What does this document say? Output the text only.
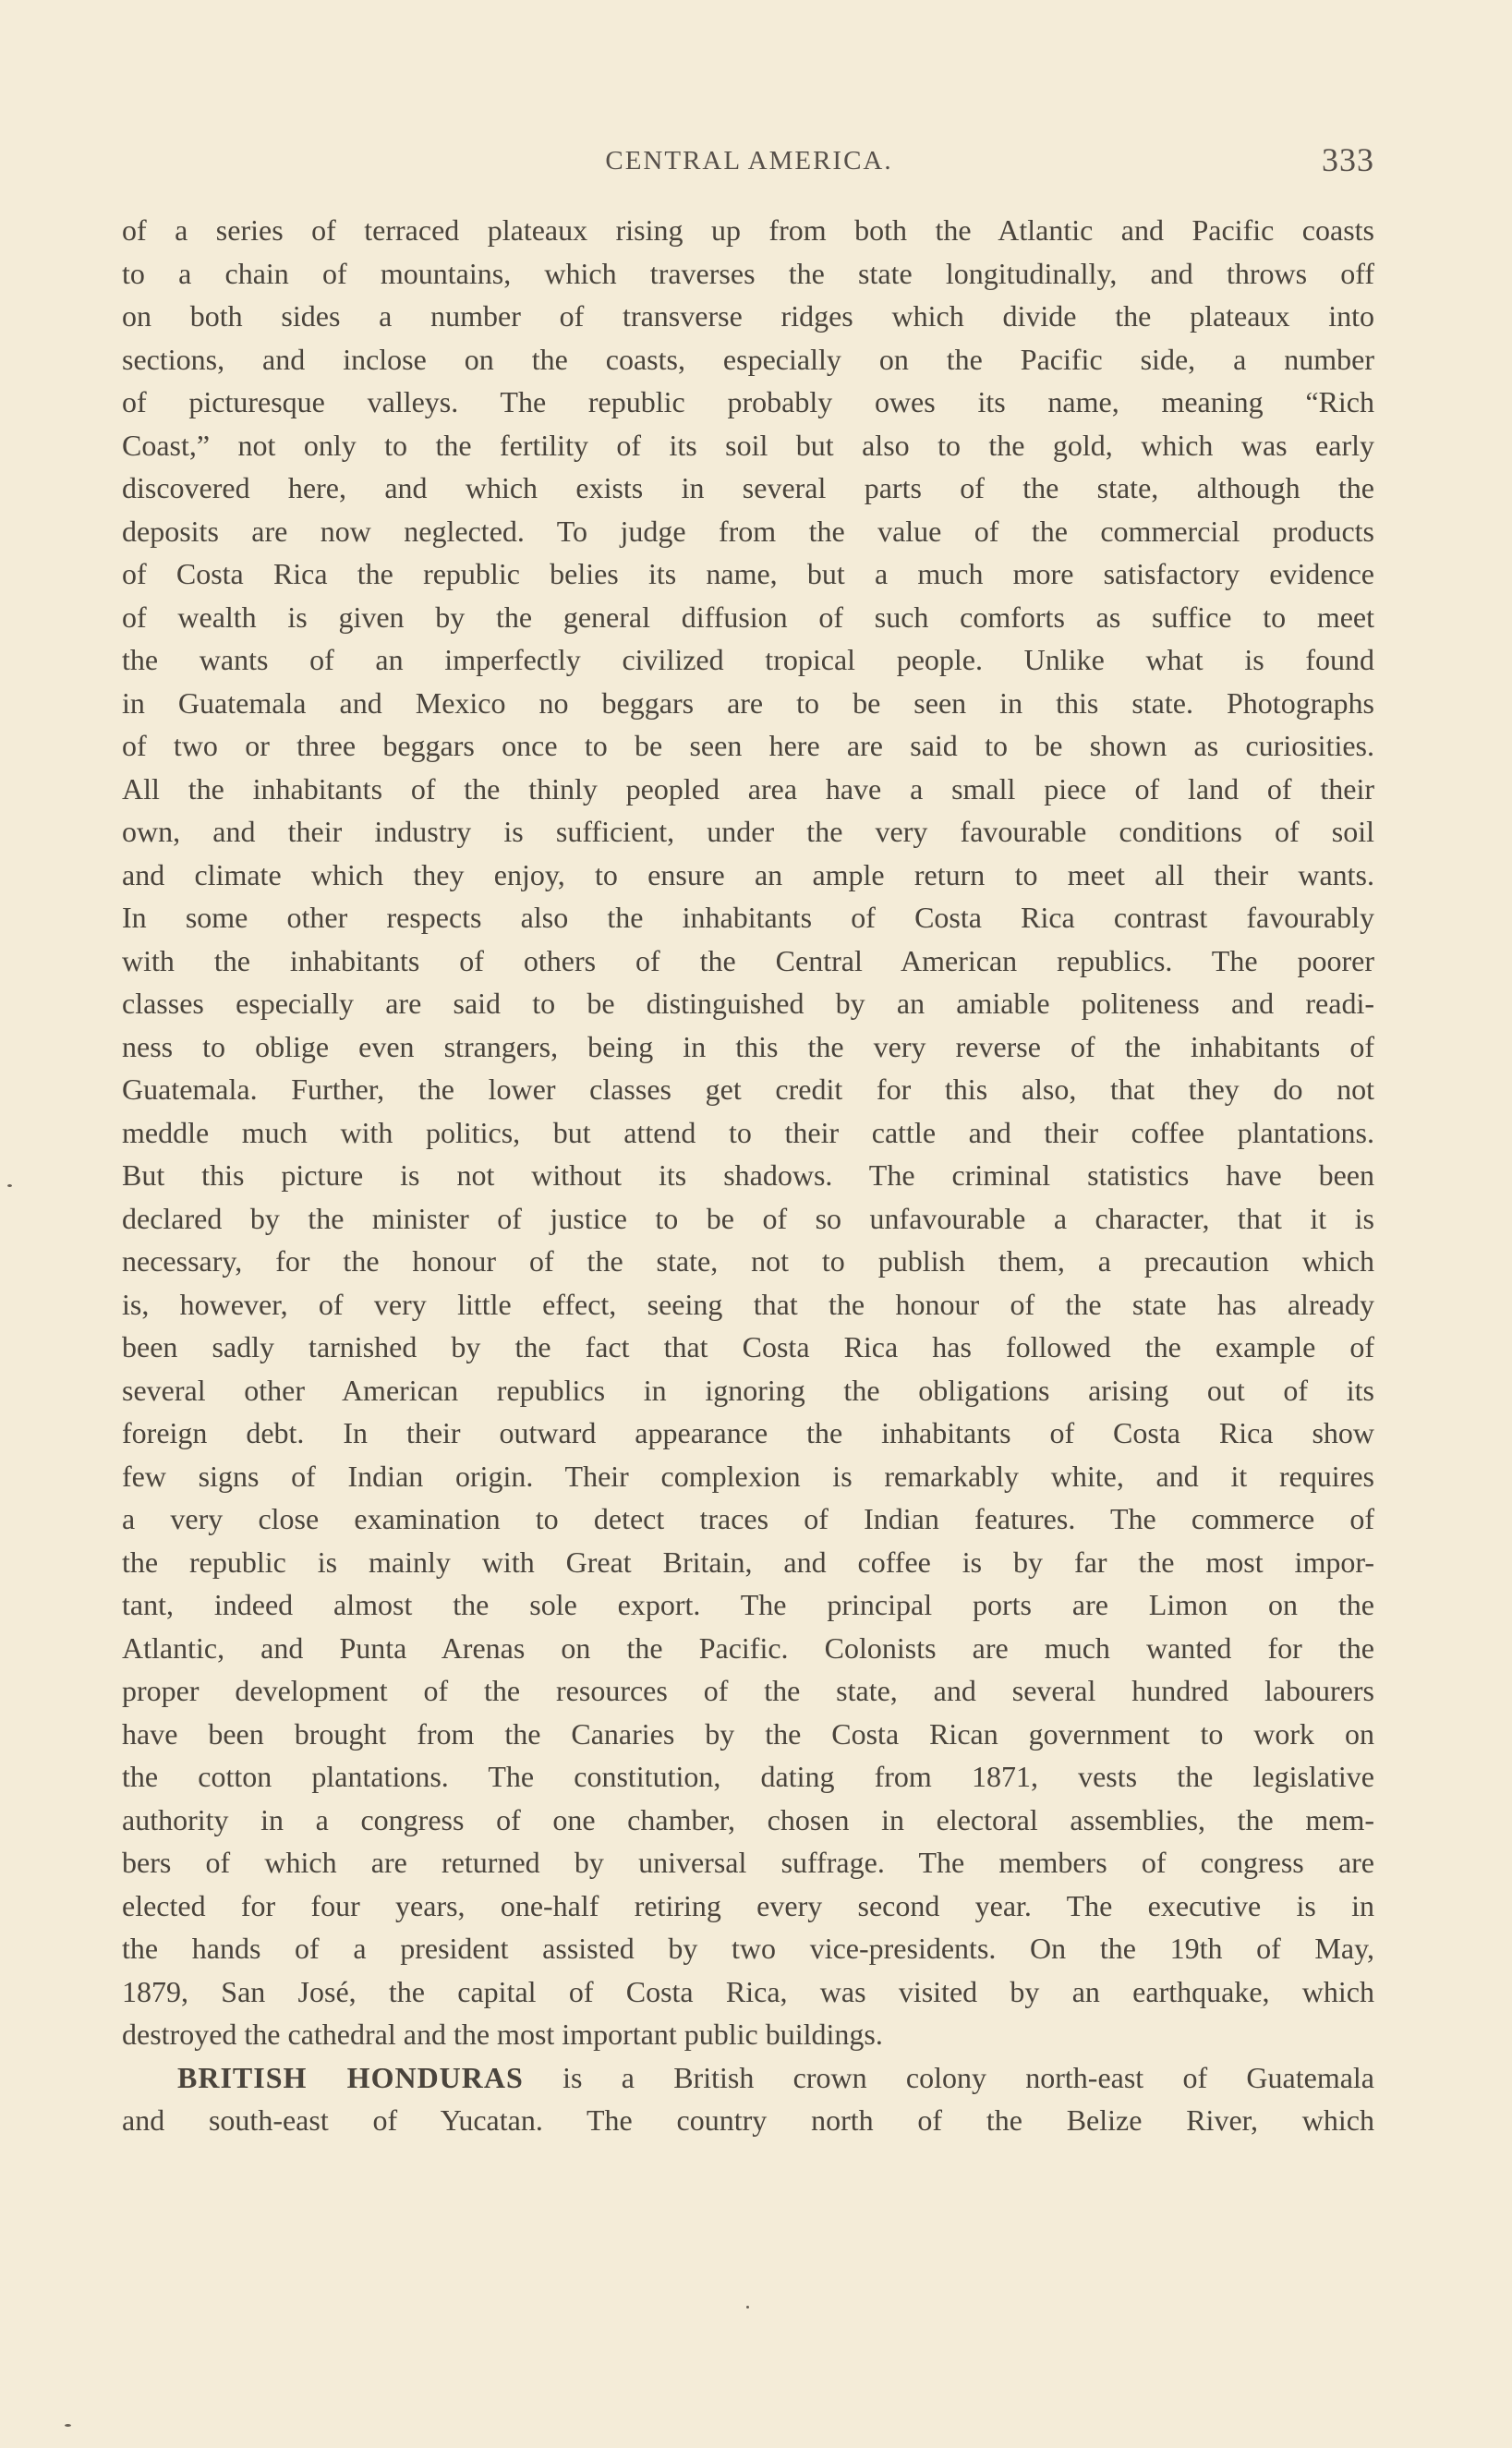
CENTRAL AMERICA.	333
of a series of terraced plateaux rising up from both the Atlantic and Pacific coasts
to a chain of mountains, which traverses the state longitudinally, and throws off
on both sides a number of transverse ridges which divide the plateaux into
sections, and inclose on the coasts, especially on the Pacific side, a number
of picturesque valleys. The republic probably owes its name, meaning “Rich
Coast,” not only to the fertility of its soil but also to the gold, which was early
discovered here, and which exists in several parts of the state, although the
deposits are now neglected. To judge from the value of the commercial products
of Costa Rica the republic belies its name, but a much more satisfactory evidence
of wealth is given by the general diffusion of such comforts as suffice to meet
the wants of an imperfectly civilized tropical people. Unlike what is found
in Guatemala and Mexico no beggars are to be seen in this state. Photographs
of two or three beggars once to be seen here are said to be shown as curiosities.
All the inhabitants of the thinly peopled area have a small piece of land of their
own, and their industry is sufficient, under the very favourable conditions of soil
and climate which they enjoy, to ensure an ample return to meet all their wants.
In some other respects also the inhabitants of Costa Rica contrast favourably
with the inhabitants of others of the Central American republics. The poorer
classes especially are said to be distinguished by an amiable politeness and readi-
ness to oblige even strangers, being in this the very reverse of the inhabitants of
Guatemala. Further, the lower classes get credit for this also, that they do not
meddle much with politics, but attend to their cattle and their coffee plantations.
But this picture is not without its shadows. The criminal statistics have been
declared by the minister of justice to be of so unfavourable a character, that it is
necessary, for the honour of the state, not to publish them, a precaution which
is, however, of very little effect, seeing that the honour of the state has already
been sadly tarnished by the fact that Costa Rica has followed the example of
several other American republics in ignoring the obligations arising out of its
foreign debt. In their outward appearance the inhabitants of Costa Rica show
few signs of Indian origin. Their complexion is remarkably white, and it requires
a very close examination to detect traces of Indian features. The commerce of
the republic is mainly with Great Britain, and coffee is by far the most impor-
tant, indeed almost the sole export. The principal ports are Limon on the
Atlantic, and Punta Arenas on the Pacific. Colonists are much wanted for the
proper development of the resources of the state, and several hundred labourers
have been brought from the Canaries by the Costa Rican government to work on
the cotton plantations. The constitution, dating from 1871, vests the legislative
authority in a congress of one chamber, chosen in electoral assemblies, the mem-
bers of which are returned by universal suffrage. The members of congress are
elected for four years, one-half retiring every second year. The executive is in
the hands of a president assisted by two vice-presidents. On the 19th of May,
1879, San José, the capital of Costa Rica, was visited by an earthquake, which
destroyed the cathedral and the most important public buildings.
BRITISH HONDURAS is a British crown colony north-east of Guatemala
and south-east of Yucatan. The country north of the Belize River, which
